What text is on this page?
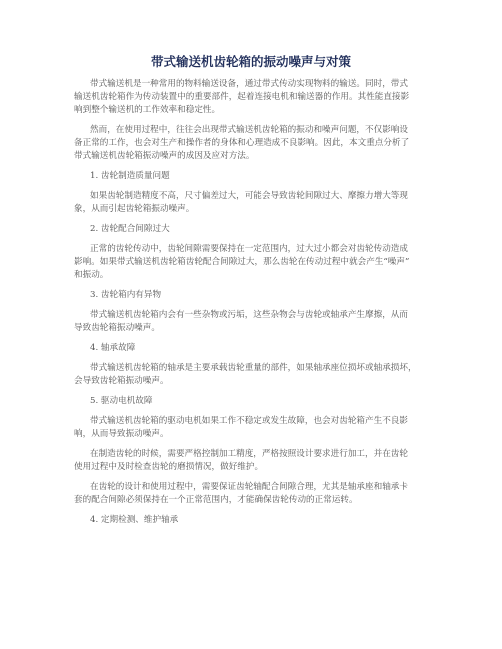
带式输送机齿轮箱的振动噪声与对策

带式输送机是一种常用的物料输送设备，通过带式传动实现物料的输送。同时，带式

输送机齿轮箱作为传动装置中的重要部件，起着连接电机和输送器的作用。其性能直接影

响到整个输送机的工作效率和稳定性。

然而，在使用过程中，往往会出现带式输送机齿轮箱的振动和噪声问题，不仅影响设

备正常的工作，也会对生产和操作者的身体和心理造成不良影响。因此，本文重点分析了

带式输送机齿轮箱振动噪声的成因及应对方法。

1. 齿轮制造质量问题

如果齿轮制造精度不高，尺寸偏差过大，可能会导致齿轮间隙过大、摩擦力增大等现

象，从而引起齿轮箱振动噪声。

2. 齿轮配合间隙过大

正常的齿轮传动中，齿轮间隙需要保持在一定范围内，过大过小都会对齿轮传动造成

影响。如果带式输送机齿轮箱齿轮配合间隙过大，那么齿轮在传动过程中就会产生“噪声”

和振动。

3. 齿轮箱内有异物

带式输送机齿轮箱内会有一些杂物或污垢，这些杂物会与齿轮或轴承产生摩擦，从而

导致齿轮箱振动噪声。

4. 轴承故障

带式输送机齿轮箱的轴承是主要承载齿轮重量的部件，如果轴承座位损坏或轴承损坏，

会导致齿轮箱振动噪声。

5. 驱动电机故障

带式输送机齿轮箱的驱动电机如果工作不稳定或发生故障，也会对齿轮箱产生不良影

响，从而导致振动噪声。

在制造齿轮的时候，需要严格控制加工精度，严格按照设计要求进行加工，并在齿轮

使用过程中及时检查齿轮的磨损情况，做好维护。

在齿轮的设计和使用过程中，需要保证齿轮轴配合间隙合理，尤其是轴承座和轴承卡

套的配合间隙必须保持在一个正常范围内，才能确保齿轮传动的正常运转。

4. 定期检测、维护轴承
